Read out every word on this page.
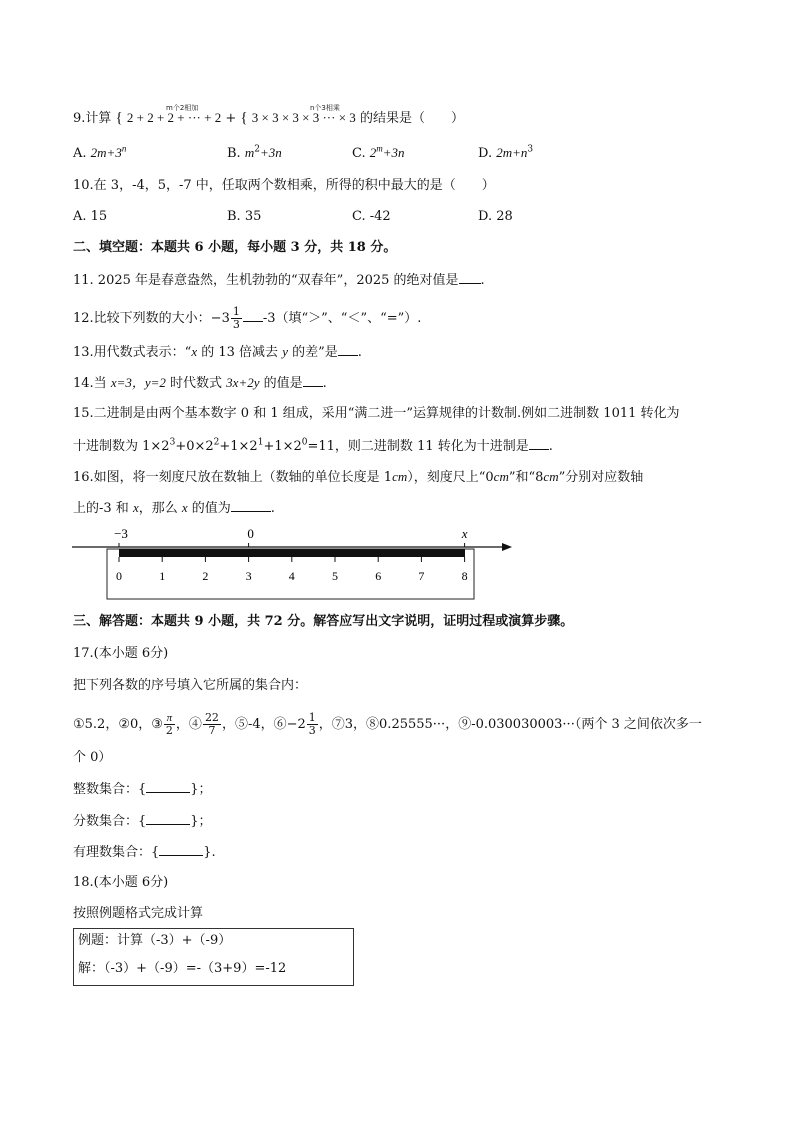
m个2相加	n个3相乘
9.计算 { 2 + 2 + 2 + ··· + 2 + { 3 × 3 × 3 × 3 ··· × 3 的结果是（　　）
A. $2m+3^n$	B. $m^2+3n$	C. $2^m+3n$	D. $2m+n^3$
10.在 3，-4，5，-7 中，任取两个数相乘，所得的积中最大的是（　　）
A. 15	B. 35	C. -42	D. 28
二、填空题：本题共 6 小题，每小题 3 分，共 18 分。
11. 2025 年是春意盎然，生机勃勃的“双春年”，2025 的绝对值是 .
12.比较下列数的大小：$-3 \frac{1}{3} -3$（填“＞”、“＜”、“=”）.
13.用代数式表示：“x 的 13 倍减去 y 的差”是 .
14.当 x=3，y=2 时代数式 3x+2y 的值是 .
15.二进制是由两个基本数字 0 和 1 组成，采用“满二进一”运算规律的计数制.例如二进制数 1011 转化为
十进制数为 $1\times 2^3+0\times 2^2+1\times 2^1+1\times 2^0=11$，则二进制数 11 转化为十进制是 .
16.如图，将一刻度尺放在数轴上（数轴的单位长度是 1cm），刻度尺上“0cm”和“8cm”分别对应数轴
上的-3 和 x，那么 x 的值为	.
−3	0	x
0	1	2	3	4	5	6	7	8
三、解答题：本题共 9 小题，共 72 分。解答应写出文字说明，证明过程或演算步骤。
17.(本小题 6分)
把下列各数的序号填入它所属的集合内：
①5.2，②0，③ $\frac{\pi}{2}$ ，④ $\frac{22}{7}$ ，⑤-4，⑥−2 $\frac{1}{3}$ ，⑦3，⑧0.25555···，⑨-0.030030003···（两个 3 之间依次多一
个 0）
整数集合：{	}；
分数集合：{	}；
有理数集合：{	}.
18.(本小题 6分)
按照例题格式完成计算
例题：计算（-3）+（-9）
解：（-3）+（-9）=-（3+9）=-12
